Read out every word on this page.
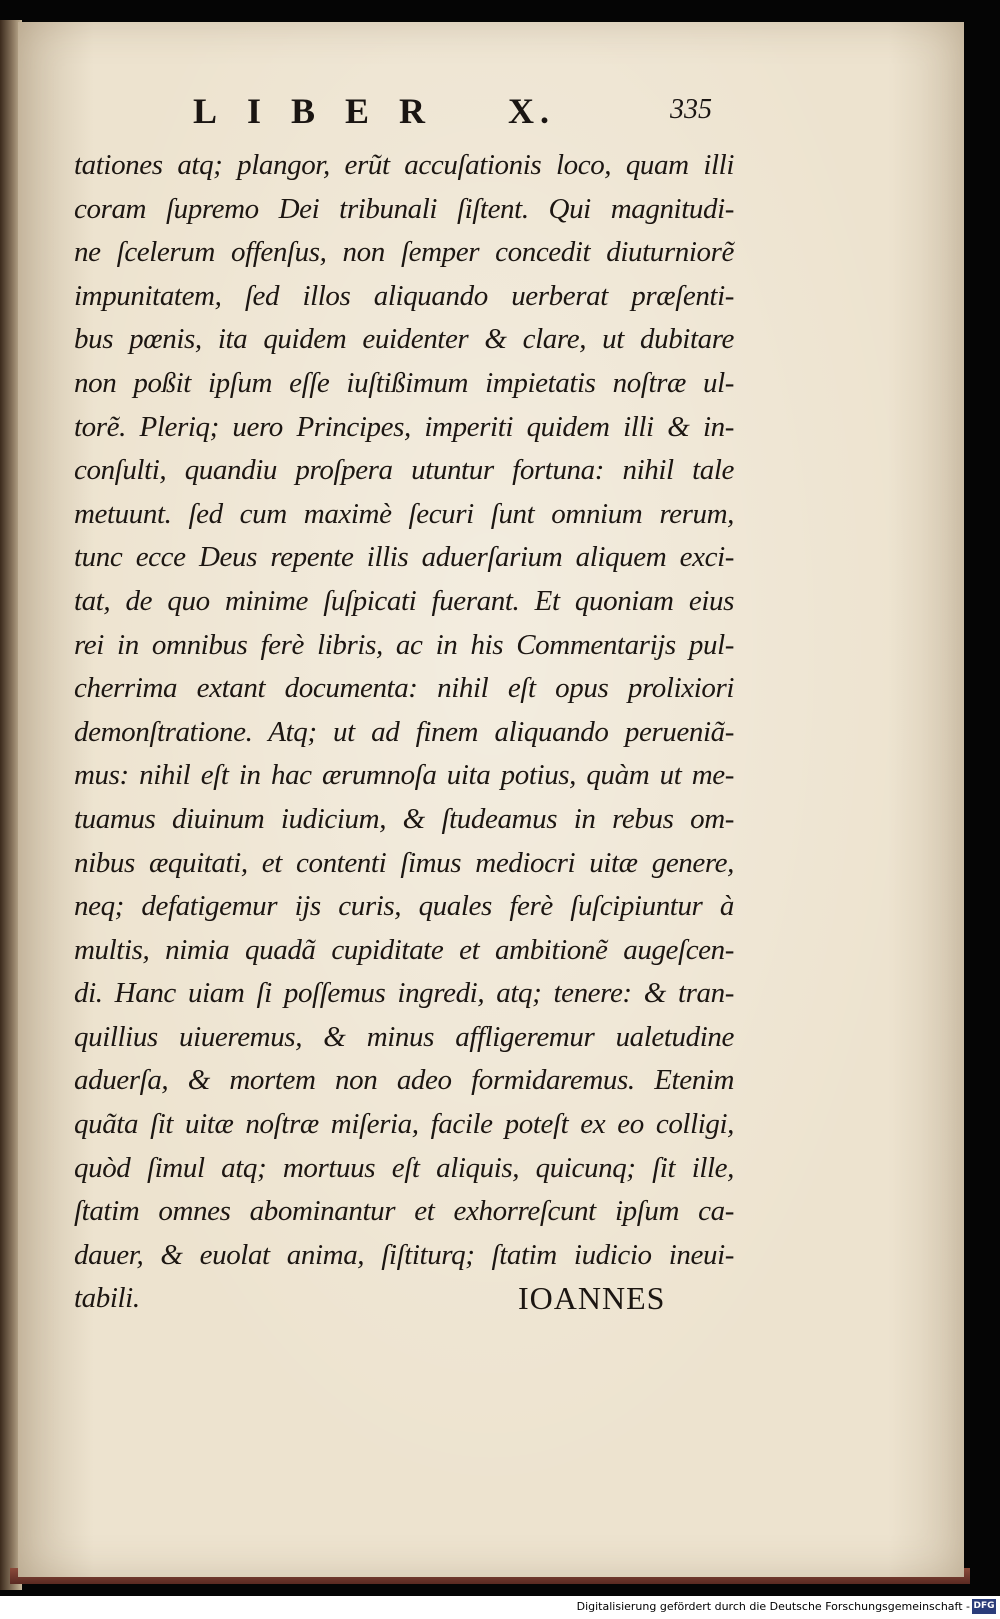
LIBER X.	335
tationes atq; plangor, erũt accuſationis loco, quam illi
coram ſupremo Dei tribunali ſiſtent. Qui magnitudi-
ne ſcelerum offenſus, non ſemper concedit diuturniorẽ
impunitatem, ſed illos aliquando uerberat præſenti-
bus pœnis, ita quidem euidenter & clare, ut dubitare
non poßit ipſum eſſe iuſtißimum impietatis noſtræ ul-
torẽ. Pleriq; uero Principes, imperiti quidem illi & in-
conſulti, quandiu proſpera utuntur fortuna: nihil tale
metuunt. ſed cum maximè ſecuri ſunt omnium rerum,
tunc ecce Deus repente illis aduerſarium aliquem exci-
tat, de quo minime ſuſpicati fuerant. Et quoniam eius
rei in omnibus ferè libris, ac in his Commentarijs pul-
cherrima extant documenta: nihil eſt opus prolixiori
demonſtratione. Atq; ut ad finem aliquando perueniã-
mus: nihil eſt in hac ærumnoſa uita potius, quàm ut me-
tuamus diuinum iudicium, & ſtudeamus in rebus om-
nibus æquitati, et contenti ſimus mediocri uitæ genere,
neq; defatigemur ijs curis, quales ferè ſuſcipiuntur à
multis, nimia quadã cupiditate et ambitionẽ augeſcen-
di. Hanc uiam ſi poſſemus ingredi, atq; tenere: & tran-
quillius uiueremus, & minus affligeremur ualetudine
aduerſa, & mortem non adeo formidaremus. Etenim
quãta ſit uitæ noſtræ miſeria, facile poteſt ex eo colligi,
quòd ſimul atq; mortuus eſt aliquis, quicunq; ſit ille,
ſtatim omnes abominantur et exhorreſcunt ipſum ca-
dauer, & euolat anima, ſiſtiturq; ſtatim iudicio ineui-
tabili.	IOANNES
Digitalisierung gefördert durch die Deutsche Forschungsgemeinschaft - DFG
